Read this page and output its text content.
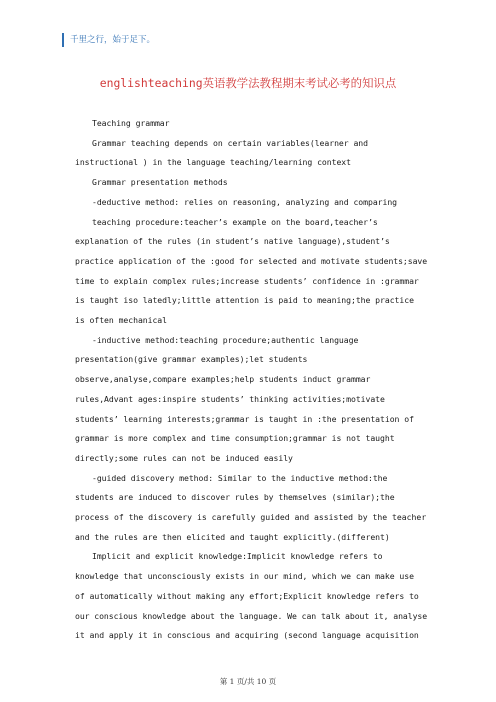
千里之行，始于足下。
englishteaching英语教学法教程期末考试必考的知识点

Teaching grammar

Grammar teaching depends on certain variables(learner and

instructional ) in the language teaching/learning context

Grammar presentation methods

-deductive method: relies on reasoning, analyzing and comparing

teaching procedure:teacher’s example on the board,teacher’s

explanation of the rules (in student’s native language),student’s

practice application of the :good for selected and motivate students;save

time to explain complex rules;increase students’ confidence in :grammar

is taught iso latedly;little attention is paid to meaning;the practice

is often mechanical

-inductive method:teaching procedure;authentic language

presentation(give grammar examples);let students

observe,analyse,compare examples;help students induct grammar

rules,Advant ages:inspire students’ thinking activities;motivate

students’ learning interests;grammar is taught in :the presentation of

grammar is more complex and time consumption;grammar is not taught

directly;some rules can not be induced easily

-guided discovery method: Similar to the inductive method:the

students are induced to discover rules by themselves (similar);the

process of the discovery is carefully guided and assisted by the teacher

and the rules are then elicited and taught explicitly.(different)

Implicit and explicit knowledge:Implicit knowledge refers to

knowledge that unconsciously exists in our mind, which we can make use

of automatically without making any effort;Explicit knowledge refers to

our conscious knowledge about the language. We can talk about it, analyse

it and apply it in conscious and acquiring (second language acquisition

第 1 页/共 10 页
